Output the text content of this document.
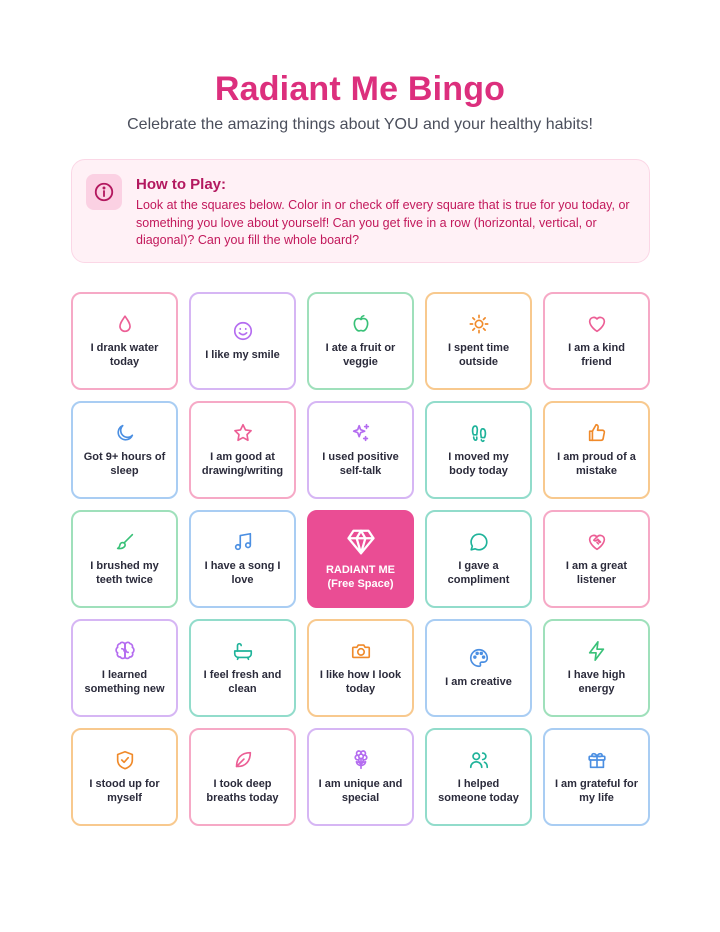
Radiant Me Bingo
Celebrate the amazing things about YOU and your healthy habits!
How to Play:
Look at the squares below. Color in or check off every square that is true for you today, or something you love about yourself! Can you get five in a row (horizontal, vertical, or diagonal)? Can you fill the whole board?
I drank water today
I like my smile
I ate a fruit or veggie
I spent time outside
I am a kind friend
Got 9+ hours of sleep
I am good at drawing/writing
I used positive self-talk
I moved my body today
I am proud of a mistake
I brushed my teeth twice
I have a song I love
RADIANT ME
(Free Space)
I gave a compliment
I am a great listener
I learned something new
I feel fresh and clean
I like how I look today
I am creative
I have high energy
I stood up for myself
I took deep breaths today
I am unique and special
I helped someone today
I am grateful for my life
